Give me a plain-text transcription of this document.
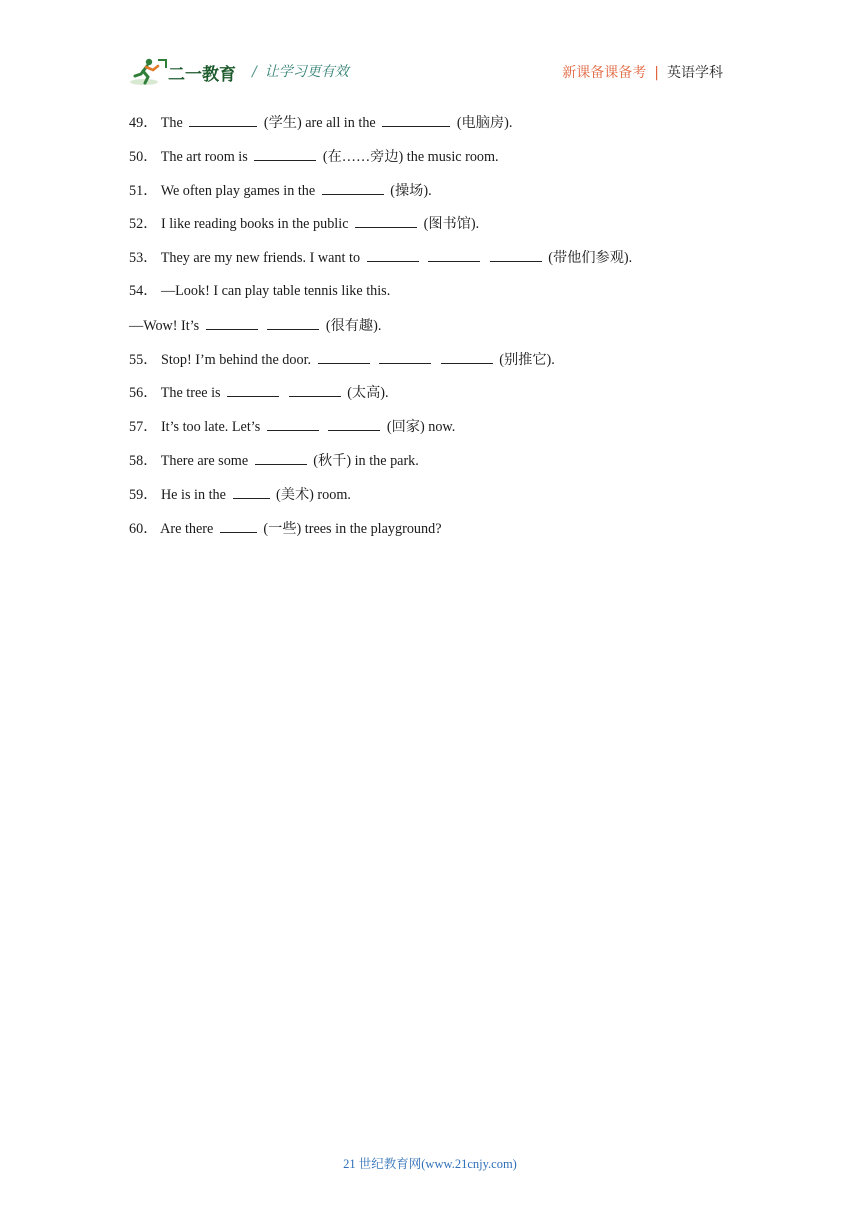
二一教育 / 让学习更有效	新课备课备考 | 英语学科
49． The	(学生) are all in the	(电脑房).
50． The art room is	(在……旁边) the music room.
51． We often play games in the	(操场).
52． I like reading books in the public	(图书馆).
53． They are my new friends. I want to	(带他们参观).
54． —Look! I can play table tennis like this.
—Wow! It’s	(很有趣).
55． Stop! I’m behind the door.	(别推它).
56． The tree is	(太高).
57． It’s too late. Let’s	(回家) now.
58． There are some	(秋千) in the park.
59． He is in the	(美术) room.
60． Are there	(一些) trees in the playground?
21 世纪教育网(www.21cnjy.com)
